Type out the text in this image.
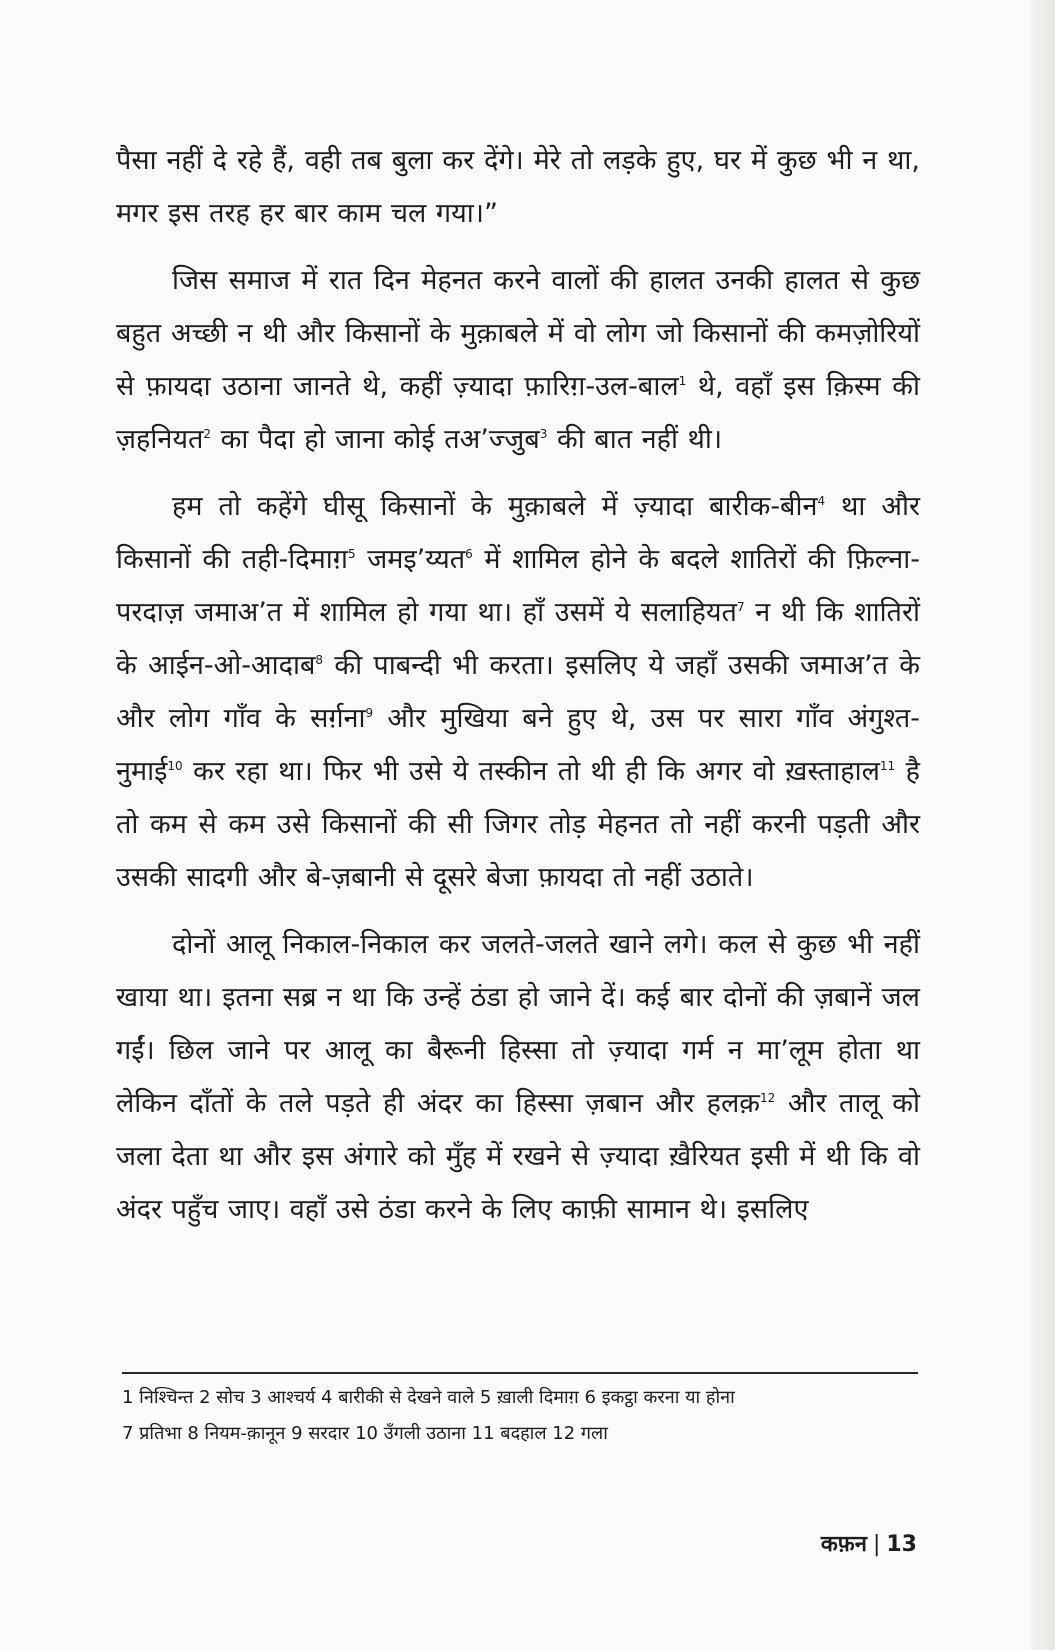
पैसा नहीं दे रहे हैं, वही तब बुला कर देंगे। मेरे तो लड़के हुए, घर में कुछ भी न था, मगर इस तरह हर बार काम चल गया।”

जिस समाज में रात दिन मेहनत करने वालों की हालत उनकी हालत से कुछ बहुत अच्छी न थी और किसानों के मुक़ाबले में वो लोग जो किसानों की कमज़ोरियों से फ़ायदा उठाना जानते थे, कहीं ज़्यादा फ़ारिग़-उल-बाल$^1$ थे, वहाँ इस क़िस्म की ज़हनियत$^2$ का पैदा हो जाना कोई तअ’ज्जुब$^3$ की बात नहीं थी।

हम तो कहेंगे घीसू किसानों के मुक़ाबले में ज़्यादा बारीक-बीन$^4$ था और किसानों की तही-दिमाग़$^5$ जमइ’य्यत$^6$ में शामिल होने के बदले शातिरों की फ़िल्ना-परदाज़ जमाअ’त में शामिल हो गया था। हाँ उसमें ये सलाहियत$^7$ न थी कि शातिरों के आईन-ओ-आदाब$^8$ की पाबन्दी भी करता। इसलिए ये जहाँ उसकी जमाअ’त के और लोग गाँव के सर्ग़ना$^9$ और मुखिया बने हुए थे, उस पर सारा गाँव अंगुश्त-नुमाई$^{10}$ कर रहा था। फिर भी उसे ये तस्कीन तो थी ही कि अगर वो ख़स्ताहाल$^{11}$ है तो कम से कम उसे किसानों की सी जिगर तोड़ मेहनत तो नहीं करनी पड़ती और उसकी सादगी और बे-ज़बानी से दूसरे बेजा फ़ायदा तो नहीं उठाते।

दोनों आलू निकाल-निकाल कर जलते-जलते खाने लगे। कल से कुछ भी नहीं खाया था। इतना सब्र न था कि उन्हें ठंडा हो जाने दें। कई बार दोनों की ज़बानें जल गईं। छिल जाने पर आलू का बैरूनी हिस्सा तो ज़्यादा गर्म न मा’लूम होता था लेकिन दाँतों के तले पड़ते ही अंदर का हिस्सा ज़बान और हलक़$^{12}$ और तालू को जला देता था और इस अंगारे को मुँह में रखने से ज़्यादा ख़ैरियत इसी में थी कि वो अंदर पहुँच जाए। वहाँ उसे ठंडा करने के लिए काफ़ी सामान थे। इसलिए

1 निश्चिन्त 2 सोच 3 आश्चर्य 4 बारीकी से देखने वाले 5 ख़ाली दिमाग़ 6 इकट्ठा करना या होना

7 प्रतिभा 8 नियम-क़ानून 9 सरदार 10 उँगली उठाना 11 बदहाल 12 गला

कफ़न | 13
